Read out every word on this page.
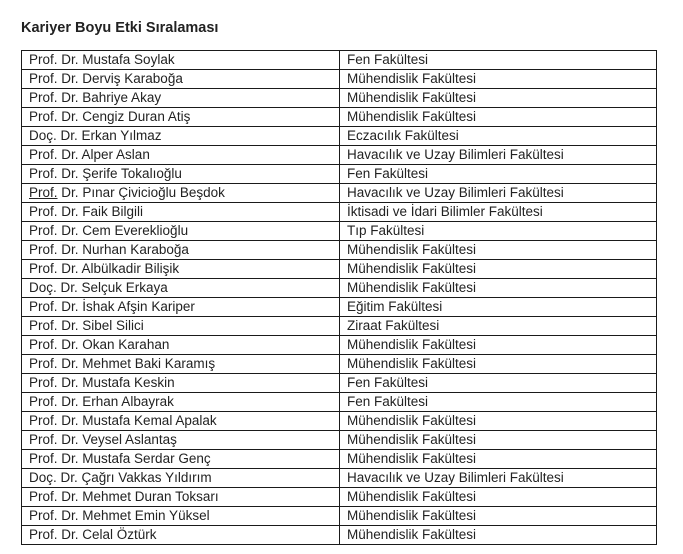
Kariyer Boyu Etki Sıralaması
Prof. Dr. Mustafa Soylak	Fen Fakültesi
Prof. Dr. Derviş Karaboğa	Mühendislik Fakültesi
Prof. Dr. Bahriye Akay	Mühendislik Fakültesi
Prof. Dr. Cengiz Duran Atiş	Mühendislik Fakültesi
Doç. Dr. Erkan Yılmaz	Eczacılık Fakültesi
Prof. Dr. Alper Aslan	Havacılık ve Uzay Bilimleri Fakültesi
Prof. Dr. Şerife Tokalıoğlu	Fen Fakültesi
Prof. Dr. Pınar Çivicioğlu Beşdok	Havacılık ve Uzay Bilimleri Fakültesi
Prof. Dr. Faik Bilgili	İktisadi ve İdari Bilimler Fakültesi
Prof. Dr. Cem Evereklioğlu	Tıp Fakültesi
Prof. Dr. Nurhan Karaboğa	Mühendislik Fakültesi
Prof. Dr. Albülkadir Bilişik	Mühendislik Fakültesi
Doç. Dr. Selçuk Erkaya	Mühendislik Fakültesi
Prof. Dr. İshak Afşin Kariper	Eğitim Fakültesi
Prof. Dr. Sibel Silici	Ziraat Fakültesi
Prof. Dr. Okan Karahan	Mühendislik Fakültesi
Prof. Dr. Mehmet Baki Karamış	Mühendislik Fakültesi
Prof. Dr. Mustafa Keskin	Fen Fakültesi
Prof. Dr. Erhan Albayrak	Fen Fakültesi
Prof. Dr. Mustafa Kemal Apalak	Mühendislik Fakültesi
Prof. Dr. Veysel Aslantaş	Mühendislik Fakültesi
Prof. Dr. Mustafa Serdar Genç	Mühendislik Fakültesi
Doç. Dr. Çağrı Vakkas Yıldırım	Havacılık ve Uzay Bilimleri Fakültesi
Prof. Dr. Mehmet Duran Toksarı	Mühendislik Fakültesi
Prof. Dr. Mehmet Emin Yüksel	Mühendislik Fakültesi
Prof. Dr. Celal Öztürk	Mühendislik Fakültesi
